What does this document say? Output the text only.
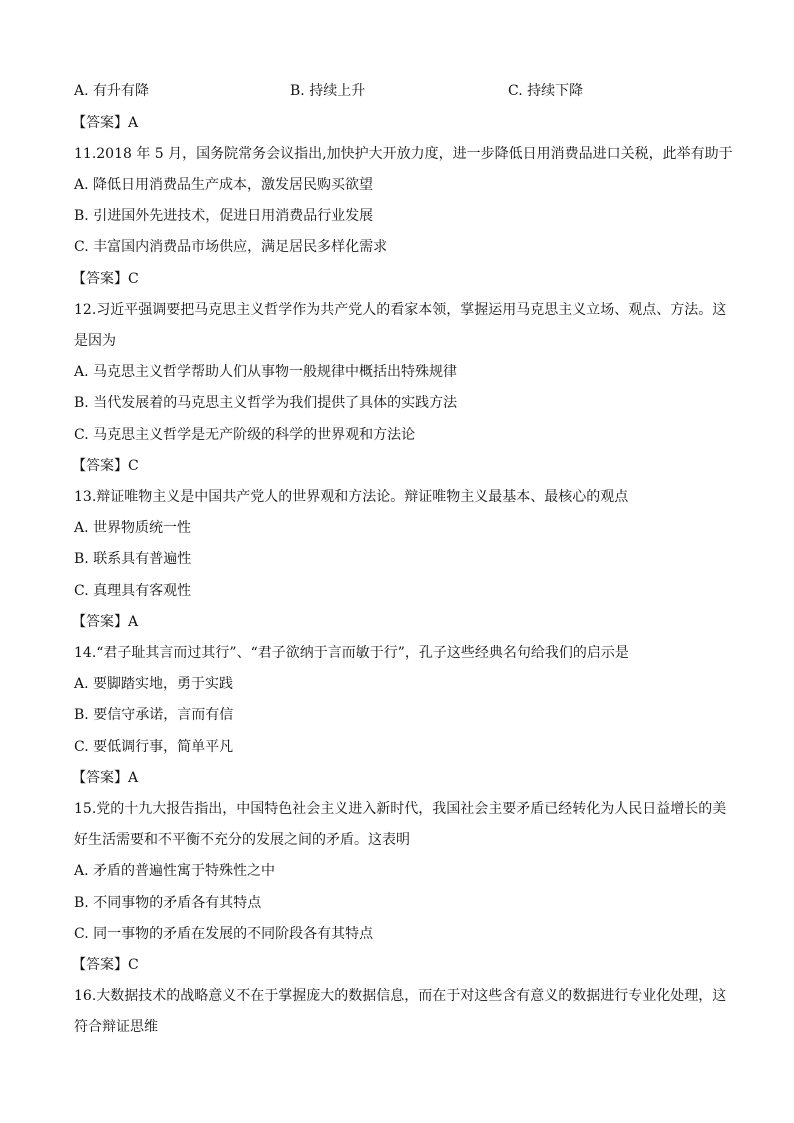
A. 有升有降	B. 持续上升	C. 持续下降
【答案】A
11.2018 年 5 月，国务院常务会议指出,加快护大开放力度，进一步降低日用消费品进口关税，此举有助于
A. 降低日用消费品生产成本，激发居民购买欲望
B. 引进国外先进技术，促进日用消费品行业发展
C. 丰富国内消费品市场供应，满足居民多样化需求
【答案】C
12.习近平强调要把马克思主义哲学作为共产党人的看家本领，掌握运用马克思主义立场、观点、方法。这
是因为
A. 马克思主义哲学帮助人们从事物一般规律中概括出特殊规律
B. 当代发展着的马克思主义哲学为我们提供了具体的实践方法
C. 马克思主义哲学是无产阶级的科学的世界观和方法论
【答案】C
13.辩证唯物主义是中国共产党人的世界观和方法论。辩证唯物主义最基本、最核心的观点
A. 世界物质统一性
B. 联系具有普遍性
C. 真理具有客观性
【答案】A
14.“君子耻其言而过其行”、“君子欲纳于言而敏于行”，孔子这些经典名句给我们的启示是
A. 要脚踏实地，勇于实践
B. 要信守承诺，言而有信
C. 要低调行事，简单平凡
【答案】A
15.党的十九大报告指出，中国特色社会主义进入新时代，我国社会主要矛盾已经转化为人民日益增长的美
好生活需要和不平衡不充分的发展之间的矛盾。这表明
A. 矛盾的普遍性寓于特殊性之中
B. 不同事物的矛盾各有其特点
C. 同一事物的矛盾在发展的不同阶段各有其特点
【答案】C
16.大数据技术的战略意义不在于掌握庞大的数据信息，而在于对这些含有意义的数据进行专业化处理，这
符合辩证思维
